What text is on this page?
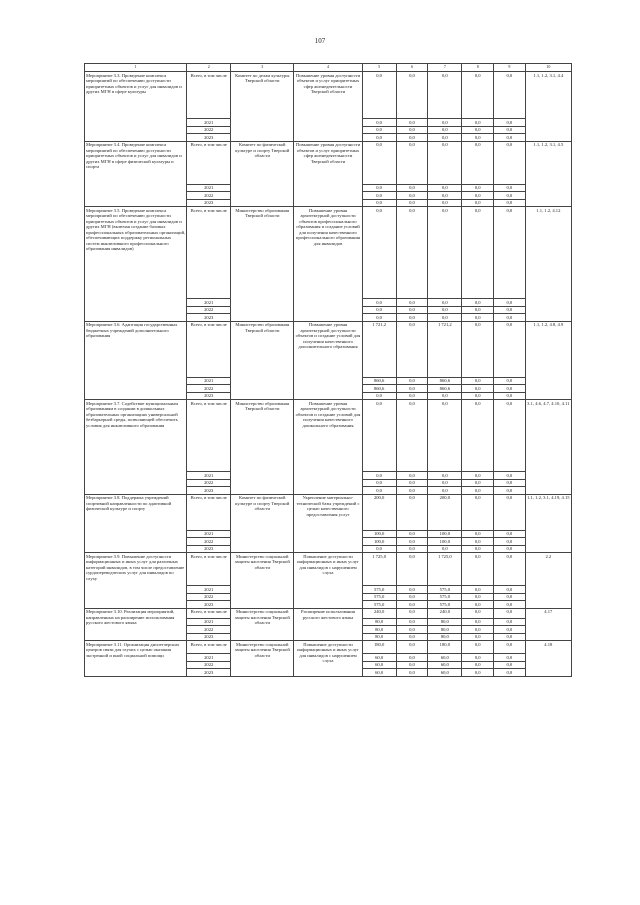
107
1	2	3	4	5	6	7	8	9	10
Мероприятие 3.3. Проведение комплекса мероприятий по обеспечению доступности приоритетных объектов и услуг для инвалидов и других МГН в сфере культуры	Всего, в том числе	Комитет по делам культуры Тверской области	Повышение уровня доступности объектов и услуг приоритетных сфер жизнедеятельности Тверской области	0,0	0,0	0,0	0,0	0,0	1.1, 1.2, 3.1, 4.4
	2021			0,0	0,0	0,0	0,0	0,0	
	2022			0,0	0,0	0,0	0,0	0,0	
	2023			0,0	0,0	0,0	0,0	0,0	
Мероприятие 3.4. Проведение комплекса мероприятий по обеспечению доступности приоритетных объектов и услуг для инвалидов и других МГН в сфере физической культуры и спорта	Всего, в том числе	Комитет по физической культуре и спорту Тверской области	Повышение уровня доступности объектов и услуг приоритетных сфер жизнедеятельности Тверской области	0,0	0,0	0,0	0,0	0,0	1.1, 1.2, 3.1, 4.5
	2021			0,0	0,0	0,0	0,0	0,0	
	2022			0,0	0,0	0,0	0,0	0,0	
	2023			0,0	0,0	0,0	0,0	0,0	
Мероприятие 3.5. Проведение комплекса мероприятий по обеспечению доступности приоритетных объектов и услуг для инвалидов и других МГН (включая создание базовых профессиональных образовательных организаций, обеспечивающих поддержку региональных систем инклюзивного профессионального образования инвалидов)	Всего, в том числе	Министерство образования Тверской области	Повышение уровня архитектурной доступности объектов профессионального образования и создание условий для получения качественного профессионального образования для инвалидов	0,0	0,0	0,0	0,0	0,0	1.1, 1.2, 4.12
	2021			0,0	0,0	0,0	0,0	0,0	
	2022			0,0	0,0	0,0	0,0	0,0	
	2023			0,0	0,0	0,0	0,0	0,0	
Мероприятие 3.6. Адаптация государственных бюджетных учреждений дополнительного образования	Всего, в том числе	Министерство образования Тверской области	Повышение уровня архитектурной доступности объектов и создание условий для получения качественного дополнительного образования	1 721,2	0,0	1 721,2	0,0	0,0	1.1, 1.2, 4.8, 4.9
	2021			860,6	0,0	860,6	0,0	0,0	
	2022			860,6	0,0	860,6	0,0	0,0	
	2023			0,0	0,0	0,0	0,0	0,0	
Мероприятие 3.7. Содействие муниципальным образованиям в создании в дошкольных образовательных организациях универсальной безбарьерной среды, позволяющей обеспечить условия для инклюзивного образования	Всего, в том числе	Министерство образования Тверской области	Повышение уровня архитектурной доступности объектов и создание условий для получения качественного дошкольного образования	0,0	0,0	0,0	0,0	0,0	3.1, 4.6, 4.7, 4.10, 4.11
	2021			0,0	0,0	0,0	0,0	0,0	
	2022			0,0	0,0	0,0	0,0	0,0	
	2023			0,0	0,0	0,0	0,0	0,0	
Мероприятие 3.8. Поддержка учреждений спортивной направленности по адаптивной физической культуре и спорту	Всего, в том числе	Комитет по физической культуре и спорту Тверской области	Укрепление материально-технической базы учреждений с целью качественного предоставления услуг	200,0	0,0	200,0	0,0	0,0	1.1, 1.2, 3.1, 4.19, 4.15
	2021			100,0	0,0	100,0	0,0	0,0	
	2022			100,0	0,0	100,0	0,0	0,0	
	2023			0,0	0,0	0,0	0,0	0,0	
Мероприятие 3.9. Повышение доступности информационных и иных услуг для различных категорий инвалидов, в том числе предоставление сурдопереводческих услуг для инвалидов по слуху	Всего, в том числе	Министерство социальной защиты населения Тверской области	Повышение доступности информационных и иных услуг для инвалидов с нарушением слуха	1 725,0	0,0	1 725,0	0,0	0,0	2.2
	2021			575,0	0,0	575,0	0,0	0,0	
	2022			575,0	0,0	575,0	0,0	0,0	
	2023			575,0	0,0	575,0	0,0	0,0	
Мероприятие 3.10. Реализация мероприятий, направленных на расширение использования русского жестового языка	Всего, в том числе	Министерство социальной защиты населения Тверской области	Расширение использования русского жестового языка	240,0	0,0	240,0	0,0	0,0	4.17
	2021			80,0	0,0	80,0	0,0	0,0	
	2022			80,0	0,0	80,0	0,0	0,0	
	2023			80,0	0,0	80,0	0,0	0,0	
Мероприятие 3.11. Организация диспетчерских центров связи для глухих с целью оказания экстренной и иной социальной помощи	Всего, в том числе	Министерство социальной защиты населения Тверской области	Повышение доступности информационных и иных услуг для инвалидов с нарушением слуха	180,0	0,0	180,0	0,0	0,0	4.18
	2021			60,0	0,0	60,0	0,0	0,0	
	2022			60,0	0,0	60,0	0,0	0,0	
	2023			60,0	0,0	60,0	0,0	0,0	
